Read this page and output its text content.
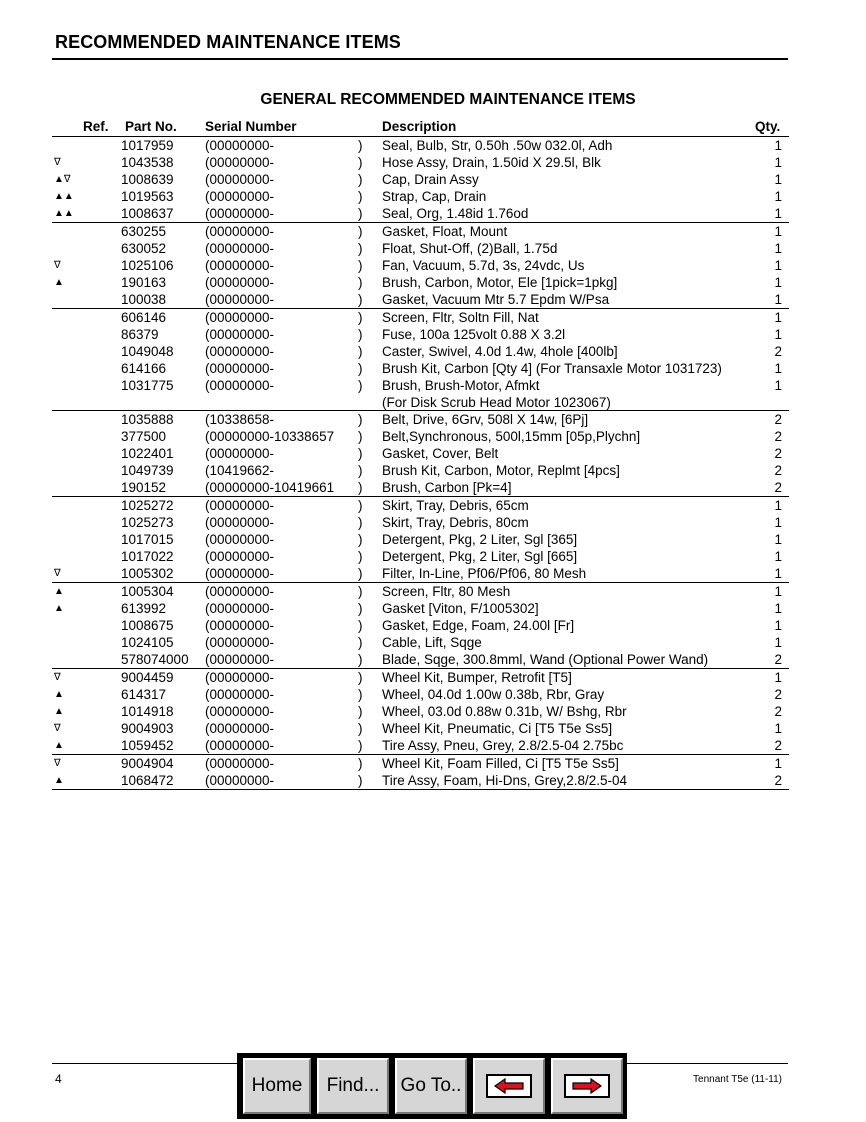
RECOMMENDED MAINTENANCE ITEMS
GENERAL RECOMMENDED MAINTENANCE ITEMS
Ref. Part No. Serial Number	Description	Qty.
1017959 (00000000-	) Seal, Bulb, Str, 0.50h .50w 032.0l, Adh	1
∇	1043538 (00000000-	) Hose Assy, Drain, 1.50id X 29.5l, Blk	1
▲∇	1008639 (00000000-	) Cap, Drain Assy	1
▲▲	1019563 (00000000-	) Strap, Cap, Drain	1
▲▲	1008637 (00000000-	) Seal, Org, 1.48id 1.76od	1
630255	(00000000-	) Gasket, Float, Mount	1
630052	(00000000-	) Float, Shut-Off, (2)Ball, 1.75d	1
∇	1025106 (00000000-	) Fan, Vacuum, 5.7d, 3s, 24vdc, Us	1
▲	190163	(00000000-	) Brush, Carbon, Motor, Ele [1pick=1pkg]	1
100038	(00000000-	) Gasket, Vacuum Mtr 5.7 Epdm W/Psa	1
606146	(00000000-	) Screen, Fltr, Soltn Fill, Nat	1
86379	(00000000-	) Fuse, 100a 125volt 0.88 X 3.2l	1
1049048 (00000000-	) Caster, Swivel, 4.0d 1.4w, 4hole [400lb]	2
614166	(00000000-	) Brush Kit, Carbon [Qty 4] (For Transaxle Motor 1031723)	1
1031775 (00000000-	) Brush, Brush-Motor, Afmkt	1
(For Disk Scrub Head Motor 1023067)
1035888 (10338658-	) Belt, Drive, 6Grv, 508l X 14w, [6Pj]	2
377500	(00000000-10338657 ) Belt,Synchronous, 500l,15mm [05p,Plychn]	2
1022401 (00000000-	) Gasket, Cover, Belt	2
1049739 (10419662-	) Brush Kit, Carbon, Motor, Replmt [4pcs]	2
190152	(00000000-10419661 ) Brush, Carbon [Pk=4]	2
1025272 (00000000-	) Skirt, Tray, Debris, 65cm	1
1025273 (00000000-	) Skirt, Tray, Debris, 80cm	1
1017015 (00000000-	) Detergent, Pkg, 2 Liter, Sgl [365]	1
1017022 (00000000-	) Detergent, Pkg, 2 Liter, Sgl [665]	1
∇	1005302 (00000000-	) Filter, In-Line, Pf06/Pf06, 80 Mesh	1
▲	1005304 (00000000-	) Screen, Fltr, 80 Mesh	1
▲	613992	(00000000-	) Gasket [Viton, F/1005302]	1
1008675 (00000000-	) Gasket, Edge, Foam, 24.00l [Fr]	1
1024105 (00000000-	) Cable, Lift, Sqge	1
578074000 (00000000-	) Blade, Sqge, 300.8mml, Wand (Optional Power Wand)	2
∇	9004459 (00000000-	) Wheel Kit, Bumper, Retrofit [T5]	1
▲	614317	(00000000-	) Wheel, 04.0d 1.00w 0.38b, Rbr, Gray	2
▲	1014918 (00000000-	) Wheel, 03.0d 0.88w 0.31b, W/ Bshg, Rbr	2
∇	9004903 (00000000-	) Wheel Kit, Pneumatic, Ci [T5 T5e Ss5]	1
▲	1059452 (00000000-	) Tire Assy, Pneu, Grey, 2.8/2.5-04 2.75bc	2
∇	9004904 (00000000-	) Wheel Kit, Foam Filled, Ci [T5 T5e Ss5]	1
▲	1068472 (00000000-	) Tire Assy, Foam, Hi-Dns, Grey,2.8/2.5-04	2
4	Tennant T5e (11-11)
Home	Find...	Go To..
